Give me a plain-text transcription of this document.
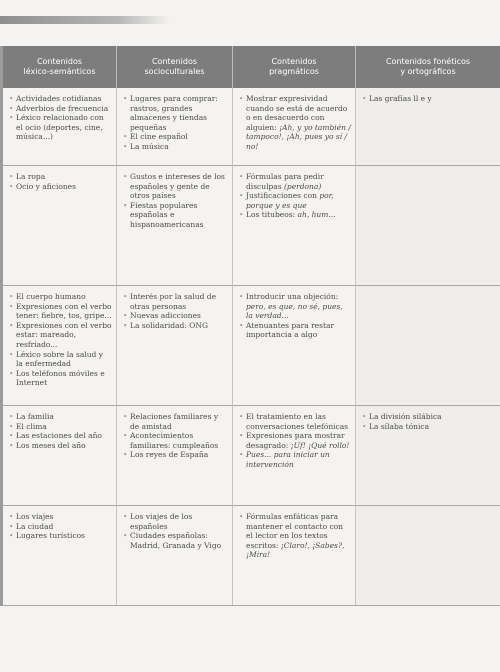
Contenidos
léxico-semánticos
Contenidos
socioculturales
Contenidos
pragmáticos
Contenidos fonéticos
y ortográficos
• Actividades cotidianas
• Adverbios de frecuencia
• Léxico relacionado con el ocio (deportes, cine, música...)
• Lugares para comprar: rastros, grandes almacenes y tiendas pequeñas
• El cine español
• La música
• Mostrar expresividad cuando se está de acuerdo o en desacuerdo con alguien: ¡Ah, y yo también / tampoco!, ¡Ah, pues yo sí / no!
• Las grafías ll e y
• La ropa
• Ocio y aficiones
• Gustos e intereses de los españoles y gente de otros países
• Fiestas populares españolas e hispanoamericanas
• Fórmulas para pedir disculpas (perdona)
• Justificaciones con por, porque y es que
• Los titubeos: ah, hum...
• El cuerpo humano
• Expresiones con el verbo tener: fiebre, tos, gripe...
• Expresiones con el verbo estar: mareado, resfriado...
• Léxico sobre la salud y la enfermedad
• Los teléfonos móviles e Internet
• Interés por la salud de otras personas
• Nuevas adicciones
• La solidaridad: ONG
• Introducir una objeción: pero, es que, no sé, pues, la verdad...
• Atenuantes para restar importancia a algo
• La familia
• El clima
• Las estaciones del año
• Los meses del año
• Relaciones familiares y de amistad
• Acontecimientos familiares: cumpleaños
• Los reyes de España
• El tratamiento en las conversaciones telefónicas
• Expresiones para mostrar desagrado: ¡Uf! ¡Qué rollo!
• Pues... para iniciar un intervención
• La división silábica
• La sílaba tónica
• Los viajes
• La ciudad
• Lugares turísticos
• Los viajes de los españoles
• Ciudades españolas: Madrid, Granada y Vigo
• Fórmulas enfáticas para mantener el contacto con el lector en los textos escritos: ¡Claro!, ¡Sabes?, ¡Mira!
